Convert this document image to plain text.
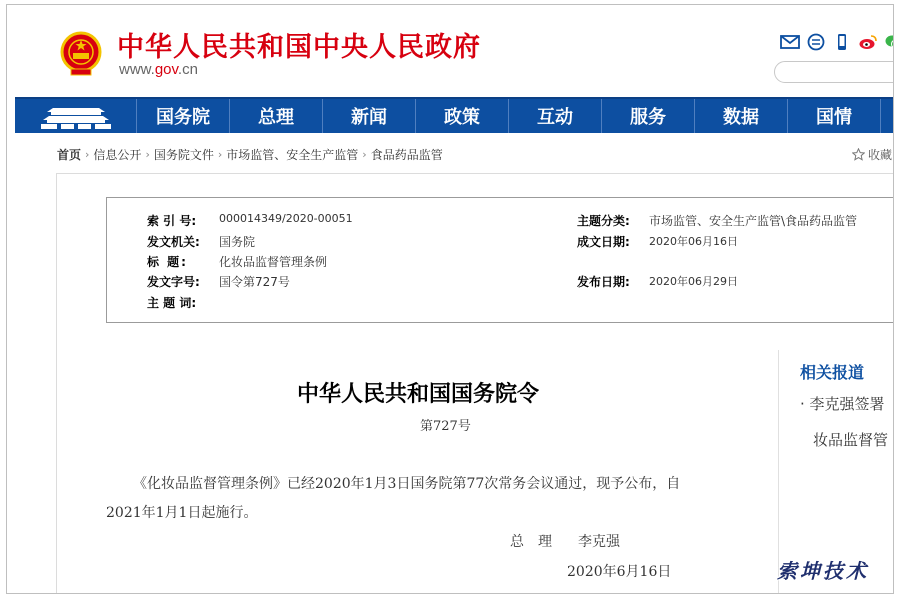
中华人民共和国中央人民政府
www.gov.cn
国务院	总理	新闻	政策	互动	服务	数据	国情
首页 › 信息公开 › 国务院文件 › 市场监管、安全生产监管 › 食品药品监管	收藏
索 引 号:	000014349/2020-00051	主题分类:	市场监管、安全生产监管\食品药品监管
发文机关:	国务院	成文日期:	2020年06月16日
标 题:	化妆品监督管理条例
发文字号:	国令第727号	发布日期:	2020年06月29日
主 题 词:
相关报道
· 李克强签署
妆品监督管
中华人民共和国国务院令
第727号
《化妆品监督管理条例》已经2020年1月3日国务院第77次常务会议通过，现予公布，自
2021年1月1日起施行。
总理 李克强
2020年6月16日	索坤技术
